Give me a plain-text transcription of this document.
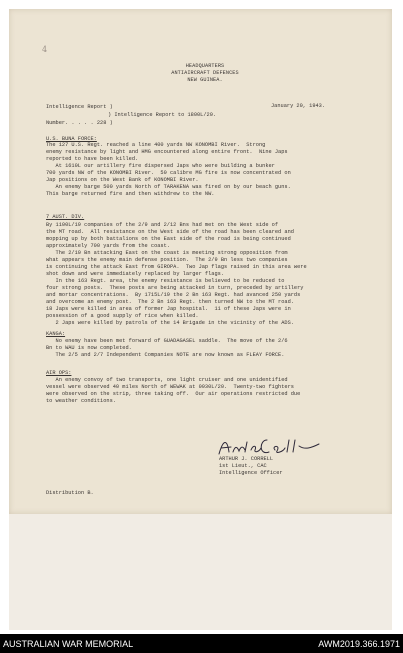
4
HEADQUARTERS
ANTIAIRCRAFT DEFENCES
NEW GUINEA.
Intelligence Report )	January 20, 1943.
) Intelligence Report to 1800L/20.
Number. . . . . 228 )
U.S. BUNA FORCE:
The 127 U.S. Regt. reached a line 400 yards NW KONOMBI River.  Strong
enemy resistance by light and HMG encountered along entire front.  Nine Japs
reported to have been killed.
At 1610L our artillery fire dispersed Japs who were building a bunker
700 yards NW of the KONOMBI River.  50 calibre MG fire is now concentrated on
Jap positions on the West Bank of KONOMBI River.
An enemy barge 500 yards North of TARAKENA was fired on by our beach guns.
This barge returned fire and then withdrew to the NW.
7 AUST. DIV.
By 1100L/19 companies of the 2/9 and 2/12 Bns had met on the West side of
the MT road.  All resistance on the West side of the road has been cleared and
mopping up by both battalions on the East side of the road is being continued
approximately 700 yards from the coast.
The 2/10 Bn attacking East on the coast is meeting strong opposition from
what appears the enemy main defense position.  The 2/9 Bn less two companies
is continuing the attack East from GIROPA.  Two Jap flags raised in this area were
shot down and were immediately replaced by larger flags.
In the 163 Regt. area, the enemy resistance is believed to be reduced to
four strong posts.  These posts are being attacked in turn, preceded by artillery
and mortar concentrations.  By 1715L/19 the 2 Bn 163 Regt. had avanced 250 yards
and overcome an enemy post.  The 2 Bn 163 Regt. then turned NW to the MT road.
18 Japs were killed in area of former Jap hospital.  11 of these Japs were in
possession of a good supply of rice when killed.
2 Japs were killed by patrols of the 14 Brigade in the vicinity of the ADS.
KANGA:
No enemy have been met forward of GUADAGASEL saddle.  The move of the 2/6
Bn to WAU is now completed.
The 2/5 and 2/7 Independent Companies NOTE are now known as FLEAY FORCE.
AIR OPS:
An enemy convoy of two transports, one light cruiser and one unidentified
vessel were observed 40 miles North of WEWAK at 0930L/20.  Twenty-two fighters
were observed on the strip, three taking off.  Our air operations restricted due
to weather conditions.
ARTHUR J. CORRELL
1st Lieut., CAC
Intelligence Officer
Distribution B.
AUSTRALIAN WAR MEMORIAL	AWM2019.366.1971
